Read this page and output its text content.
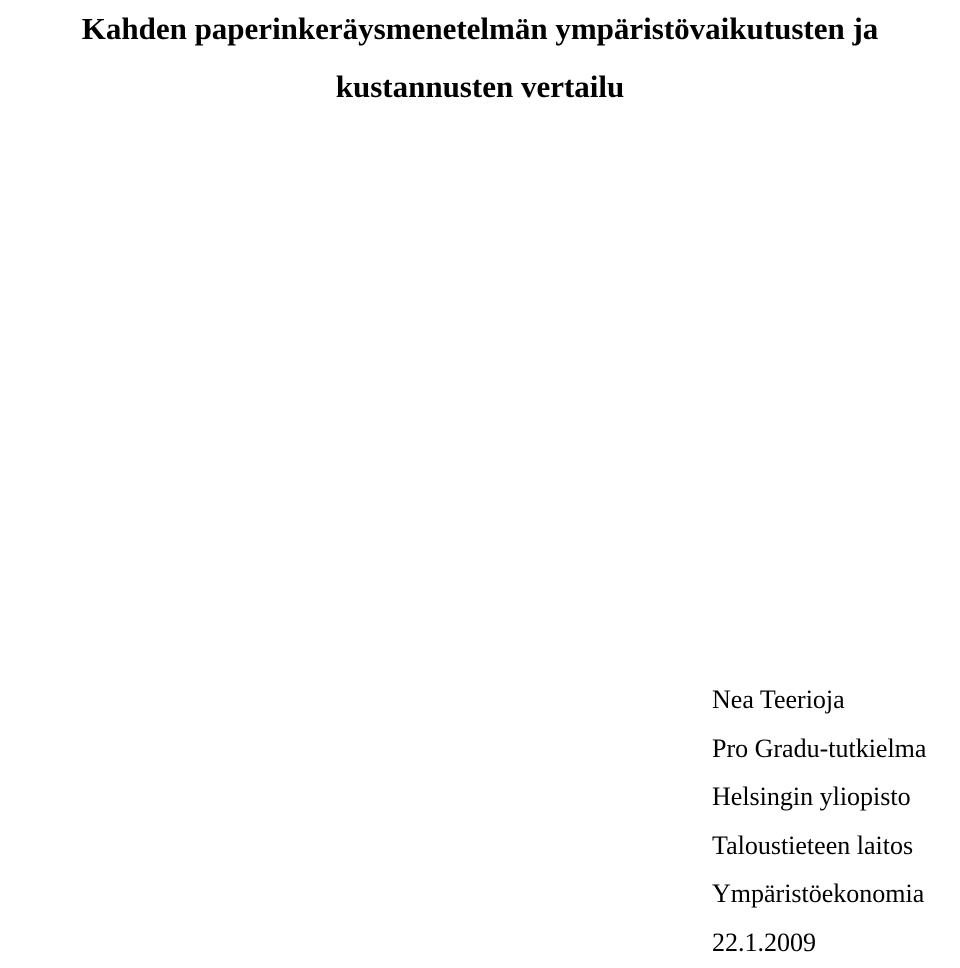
Kahden paperinkeräysmenetelmän ympäristövaikutusten ja
kustannusten vertailu
Nea Teerioja
Pro Gradu-tutkielma
Helsingin yliopisto
Taloustieteen laitos
Ympäristöekonomia
22.1.2009
